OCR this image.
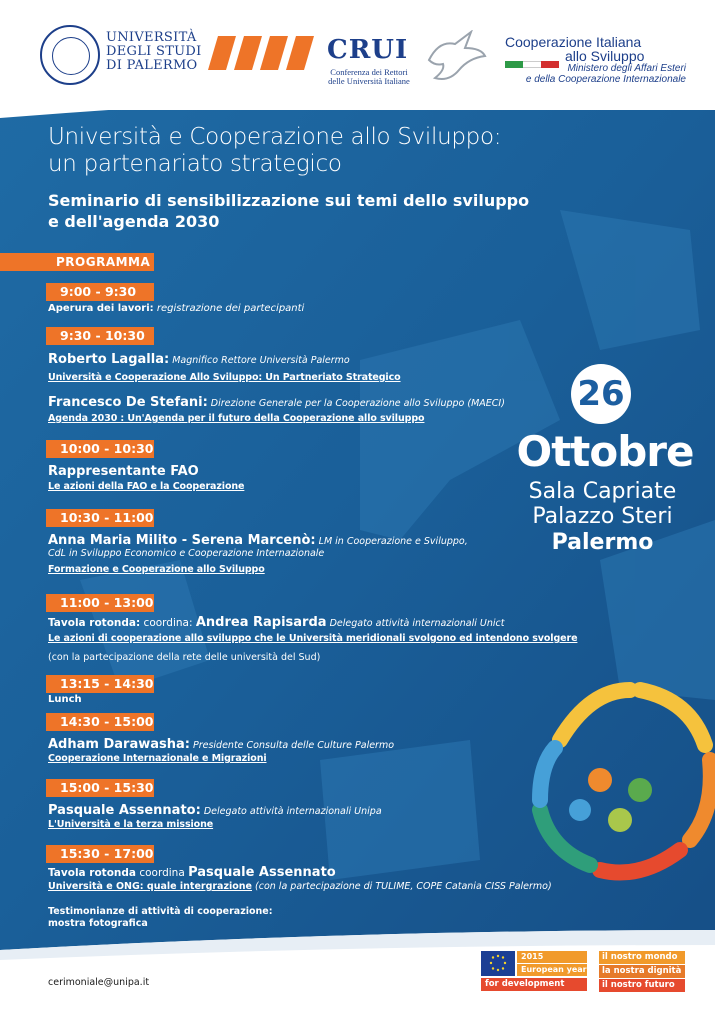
UNIVERSITÀ
DEGLI STUDI
DI PALERMO
CRUI
Conferenza dei Rettori
delle Università Italiane
Cooperazione Italiana
allo Sviluppo
Ministero degli Affari Esteri
e della Cooperazione Internazionale
Università e Cooperazione allo Sviluppo:
un partenariato strategico
Seminario di sensibilizzazione sui temi dello sviluppo
e dell'agenda 2030
PROGRAMMA
9:00 - 9:30
Aperura dei lavori: registrazione dei partecipanti
9:30 - 10:30
Roberto Lagalla: Magnifico Rettore Università Palermo
Università e Cooperazione Allo Sviluppo: Un Partneriato Strategico
Francesco De Stefani: Direzione Generale per la Cooperazione allo Sviluppo (MAECI)
Agenda 2030 : Un'Agenda per il futuro della Cooperazione allo sviluppo
10:00 - 10:30
Rappresentante FAO
Le azioni della FAO e la Cooperazione
10:30 - 11:00
Anna Maria Milito - Serena Marcenò: LM in Cooperazione e Sviluppo,
CdL in Sviluppo Economico e Cooperazione Internazionale
Formazione e Cooperazione allo Sviluppo
11:00 - 13:00
Tavola rotonda: coordina: Andrea Rapisarda Delegato attività internazionali Unict
Le azioni di cooperazione allo sviluppo che le Università meridionali svolgono ed intendono svolgere
(con la partecipazione della rete delle università del Sud)
13:15 - 14:30
Lunch
14:30 - 15:00
Adham Darawasha: Presidente Consulta delle Culture Palermo
Cooperazione Internazionale e Migrazioni
15:00 - 15:30
Pasquale Assennato: Delegato attività internazionali Unipa
L'Università e la terza missione
15:30 - 17:00
Tavola rotonda coordina Pasquale Assennato
Università e ONG: quale intergrazione (con la partecipazione di TULIME, COPE Catania CISS Palermo)
Testimonianze di attività di cooperazione:
mostra fotografica
26
Ottobre
Sala Capriate
Palazzo Steri
Palermo
cerimoniale@unipa.it
2015
European year
for development
il nostro mondo
la nostra dignità
il nostro futuro
